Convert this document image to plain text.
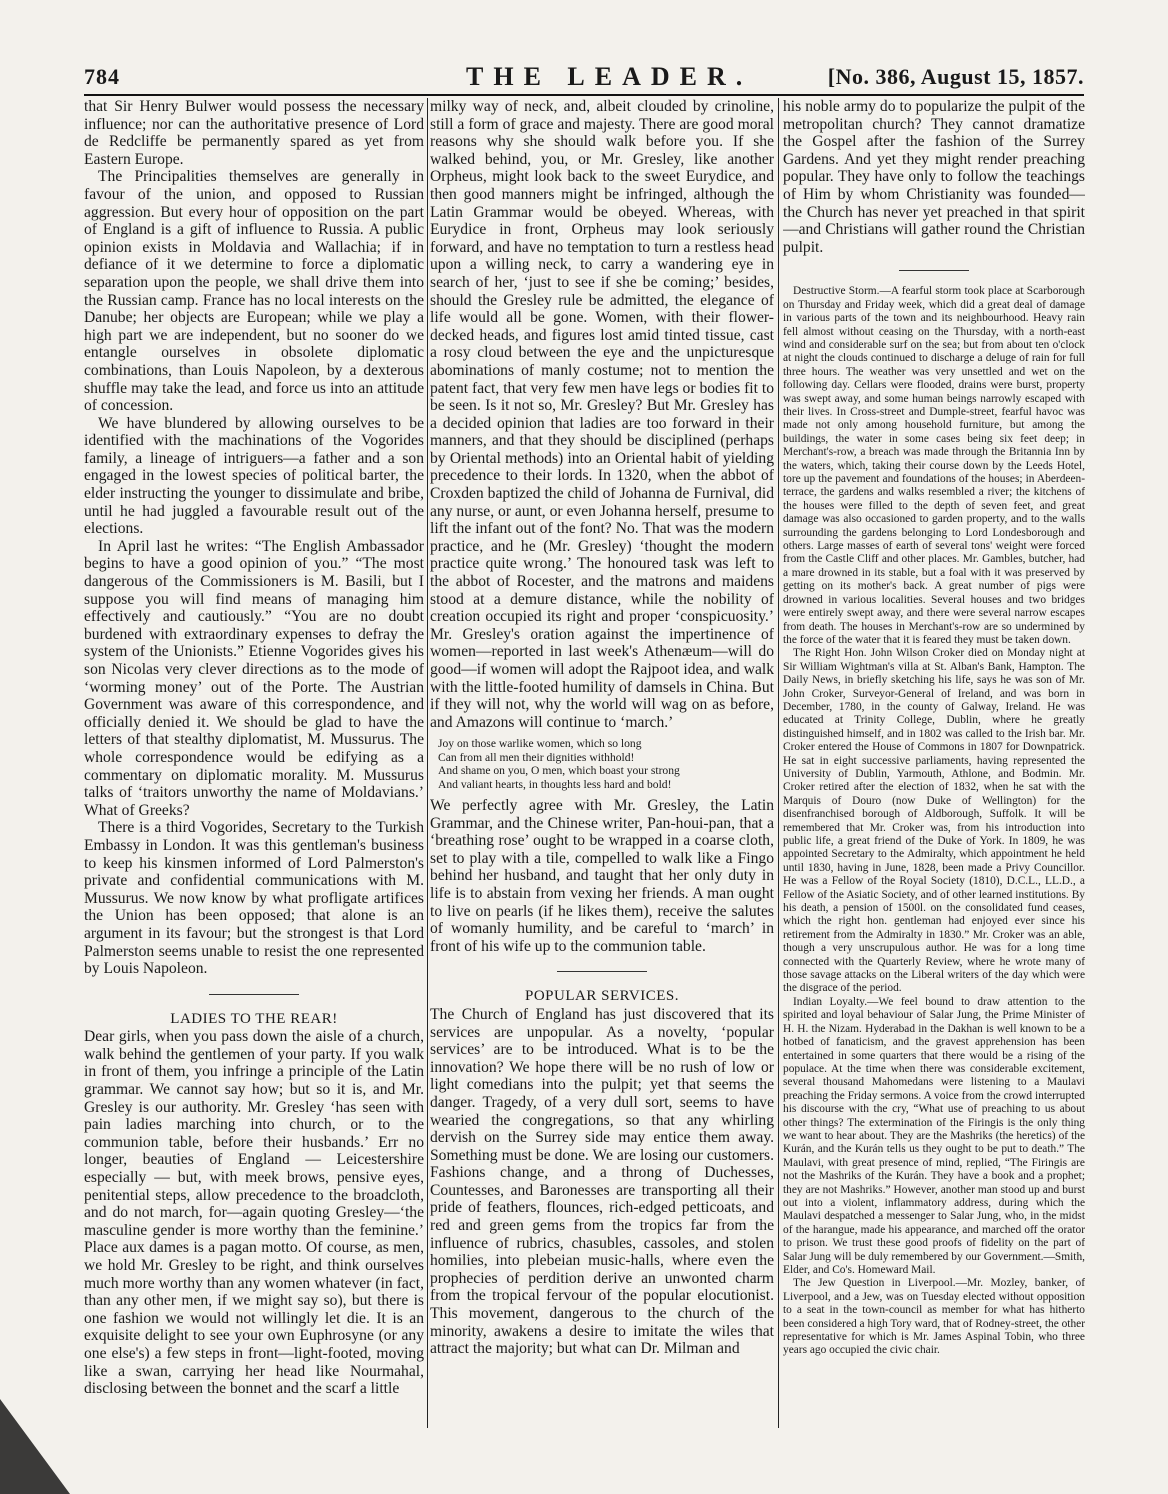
784	THE LEADER.	[No. 386, August 15, 1857.

that Sir Henry Bulwer would possess the necessary influence; nor can the authoritative presence of Lord de Redcliffe be permanently spared as yet from Eastern Europe.

The Principalities themselves are generally in favour of the union, and opposed to Russian aggression. But every hour of opposition on the part of England is a gift of influence to Russia. A public opinion exists in Moldavia and Wallachia; if in defiance of it we determine to force a diplomatic separation upon the people, we shall drive them into the Russian camp. France has no local interests on the Danube; her objects are European; while we play a high part we are independent, but no sooner do we entangle ourselves in obsolete diplomatic combinations, than Louis Napoleon, by a dexterous shuffle may take the lead, and force us into an attitude of concession.

We have blundered by allowing ourselves to be identified with the machinations of the Vogorides family, a lineage of intriguers—a father and a son engaged in the lowest species of political barter, the elder instructing the younger to dissimulate and bribe, until he had juggled a favourable result out of the elections.

In April last he writes: “The English Ambassador begins to have a good opinion of you.” “The most dangerous of the Commissioners is M. Basili, but I suppose you will find means of managing him effectively and cautiously.” “You are no doubt burdened with extraordinary expenses to defray the system of the Unionists.” Etienne Vogorides gives his son Nicolas very clever directions as to the mode of ‘worming money’ out of the Porte. The Austrian Government was aware of this correspondence, and officially denied it. We should be glad to have the letters of that stealthy diplomatist, M. Mussurus. The whole correspondence would be edifying as a commentary on diplomatic morality. M. Mussurus talks of ‘traitors unworthy the name of Moldavians.’ What of Greeks?

There is a third Vogorides, Secretary to the Turkish Embassy in London. It was this gentleman's business to keep his kinsmen informed of Lord Palmerston's private and confidential communications with M. Mussurus. We now know by what profligate artifices the Union has been opposed; that alone is an argument in its favour; but the strongest is that Lord Palmerston seems unable to resist the one represented by Louis Napoleon.

LADIES TO THE REAR!

Dear girls, when you pass down the aisle of a church, walk behind the gentlemen of your party. If you walk in front of them, you infringe a principle of the Latin grammar. We cannot say how; but so it is, and Mr. Gresley is our authority. Mr. Gresley ‘has seen with pain ladies marching into church, or to the communion table, before their husbands.’ Err no longer, beauties of England — Leicestershire especially — but, with meek brows, pensive eyes, penitential steps, allow precedence to the broadcloth, and do not march, for—again quoting Gresley—‘the masculine gender is more worthy than the feminine.’ Place aux dames is a pagan motto. Of course, as men, we hold Mr. Gresley to be right, and think ourselves much more worthy than any women whatever (in fact, than any other men, if we might say so), but there is one fashion we would not willingly let die. It is an exquisite delight to see your own Euphrosyne (or any one else's) a few steps in front—light-footed, moving like a swan, carrying her head like Nourmahal, disclosing between the bonnet and the scarf a little

milky way of neck, and, albeit clouded by crinoline, still a form of grace and majesty. There are good moral reasons why she should walk before you. If she walked behind, you, or Mr. Gresley, like another Orpheus, might look back to the sweet Eurydice, and then good manners might be infringed, although the Latin Grammar would be obeyed. Whereas, with Eurydice in front, Orpheus may look seriously forward, and have no temptation to turn a restless head upon a willing neck, to carry a wandering eye in search of her, ‘just to see if she be coming;’ besides, should the Gresley rule be admitted, the elegance of life would all be gone. Women, with their flower-decked heads, and figures lost amid tinted tissue, cast a rosy cloud between the eye and the unpicturesque abominations of manly costume; not to mention the patent fact, that very few men have legs or bodies fit to be seen. Is it not so, Mr. Gresley? But Mr. Gresley has a decided opinion that ladies are too forward in their manners, and that they should be disciplined (perhaps by Oriental methods) into an Oriental habit of yielding precedence to their lords. In 1320, when the abbot of Croxden baptized the child of Johanna de Furnival, did any nurse, or aunt, or even Johanna herself, presume to lift the infant out of the font? No. That was the modern practice, and he (Mr. Gresley) ‘thought the modern practice quite wrong.’ The honoured task was left to the abbot of Rocester, and the matrons and maidens stood at a demure distance, while the nobility of creation occupied its right and proper ‘conspicuosity.’ Mr. Gresley's oration against the impertinence of women—reported in last week's Athenæum—will do good—if women will adopt the Rajpoot idea, and walk with the little-footed humility of damsels in China. But if they will not, why the world will wag on as before, and Amazons will continue to ‘march.’

Joy on those warlike women, which so long
Can from all men their dignities withhold!
And shame on you, O men, which boast your strong
And valiant hearts, in thoughts less hard and bold!

We perfectly agree with Mr. Gresley, the Latin Grammar, and the Chinese writer, Pan-houi-pan, that a ‘breathing rose’ ought to be wrapped in a coarse cloth, set to play with a tile, compelled to walk like a Fingo behind her husband, and taught that her only duty in life is to abstain from vexing her friends. A man ought to live on pearls (if he likes them), receive the salutes of womanly humility, and be careful to ‘march’ in front of his wife up to the communion table.

POPULAR SERVICES.

The Church of England has just discovered that its services are unpopular. As a novelty, ‘popular services’ are to be introduced. What is to be the innovation? We hope there will be no rush of low or light comedians into the pulpit; yet that seems the danger. Tragedy, of a very dull sort, seems to have wearied the congregations, so that any whirling dervish on the Surrey side may entice them away. Something must be done. We are losing our customers. Fashions change, and a throng of Duchesses, Countesses, and Baronesses are transporting all their pride of feathers, flounces, rich-edged petticoats, and red and green gems from the tropics far from the influence of rubrics, chasubles, cassoles, and stolen homilies, into plebeian music-halls, where even the prophecies of perdition derive an unwonted charm from the tropical fervour of the popular elocutionist. This movement, dangerous to the church of the minority, awakens a desire to imitate the wiles that attract the majority; but what can Dr. Milman and

his noble army do to popularize the pulpit of the metropolitan church? They cannot dramatize the Gospel after the fashion of the Surrey Gardens. And yet they might render preaching popular. They have only to follow the teachings of Him by whom Christianity was founded—the Church has never yet preached in that spirit—and Christians will gather round the Christian pulpit.

Destructive Storm.—A fearful storm took place at Scarborough on Thursday and Friday week, which did a great deal of damage in various parts of the town and its neighbourhood. Heavy rain fell almost without ceasing on the Thursday, with a north-east wind and considerable surf on the sea; but from about ten o'clock at night the clouds continued to discharge a deluge of rain for full three hours. The weather was very unsettled and wet on the following day. Cellars were flooded, drains were burst, property was swept away, and some human beings narrowly escaped with their lives. In Cross-street and Dumple-street, fearful havoc was made not only among household furniture, but among the buildings, the water in some cases being six feet deep; in Merchant's-row, a breach was made through the Britannia Inn by the waters, which, taking their course down by the Leeds Hotel, tore up the pavement and foundations of the houses; in Aberdeen-terrace, the gardens and walks resembled a river; the kitchens of the houses were filled to the depth of seven feet, and great damage was also occasioned to garden property, and to the walls surrounding the gardens belonging to Lord Londesborough and others. Large masses of earth of several tons' weight were forced from the Castle Cliff and other places. Mr. Gambles, butcher, had a mare drowned in its stable, but a foal with it was preserved by getting on its mother's back. A great number of pigs were drowned in various localities. Several houses and two bridges were entirely swept away, and there were several narrow escapes from death. The houses in Merchant's-row are so undermined by the force of the water that it is feared they must be taken down.

The Right Hon. John Wilson Croker died on Monday night at Sir William Wightman's villa at St. Alban's Bank, Hampton. The Daily News, in briefly sketching his life, says he was son of Mr. John Croker, Surveyor-General of Ireland, and was born in December, 1780, in the county of Galway, Ireland. He was educated at Trinity College, Dublin, where he greatly distinguished himself, and in 1802 was called to the Irish bar. Mr. Croker entered the House of Commons in 1807 for Downpatrick. He sat in eight successive parliaments, having represented the University of Dublin, Yarmouth, Athlone, and Bodmin. Mr. Croker retired after the election of 1832, when he sat with the Marquis of Douro (now Duke of Wellington) for the disenfranchised borough of Aldborough, Suffolk. It will be remembered that Mr. Croker was, from his introduction into public life, a great friend of the Duke of York. In 1809, he was appointed Secretary to the Admiralty, which appointment he held until 1830, having in June, 1828, been made a Privy Councillor. He was a Fellow of the Royal Society (1810), D.C.L., LL.D., a Fellow of the Asiatic Society, and of other learned institutions. By his death, a pension of 1500l. on the consolidated fund ceases, which the right hon. gentleman had enjoyed ever since his retirement from the Admiralty in 1830.” Mr. Croker was an able, though a very unscrupulous author. He was for a long time connected with the Quarterly Review, where he wrote many of those savage attacks on the Liberal writers of the day which were the disgrace of the period.

Indian Loyalty.—We feel bound to draw attention to the spirited and loyal behaviour of Salar Jung, the Prime Minister of H. H. the Nizam. Hyderabad in the Dakhan is well known to be a hotbed of fanaticism, and the gravest apprehension has been entertained in some quarters that there would be a rising of the populace. At the time when there was considerable excitement, several thousand Mahomedans were listening to a Maulavi preaching the Friday sermons. A voice from the crowd interrupted his discourse with the cry, “What use of preaching to us about other things? The extermination of the Firingis is the only thing we want to hear about. They are the Mashriks (the heretics) of the Kurán, and the Kurán tells us they ought to be put to death.” The Maulavi, with great presence of mind, replied, “The Firingis are not the Mashriks of the Kurán. They have a book and a prophet; they are not Mashriks.” However, another man stood up and burst out into a violent, inflammatory address, during which the Maulavi despatched a messenger to Salar Jung, who, in the midst of the harangue, made his appearance, and marched off the orator to prison. We trust these good proofs of fidelity on the part of Salar Jung will be duly remembered by our Government.—Smith, Elder, and Co's. Homeward Mail.

The Jew Question in Liverpool.—Mr. Mozley, banker, of Liverpool, and a Jew, was on Tuesday elected without opposition to a seat in the town-council as member for what has hitherto been considered a high Tory ward, that of Rodney-street, the other representative for which is Mr. James Aspinal Tobin, who three years ago occupied the civic chair.
